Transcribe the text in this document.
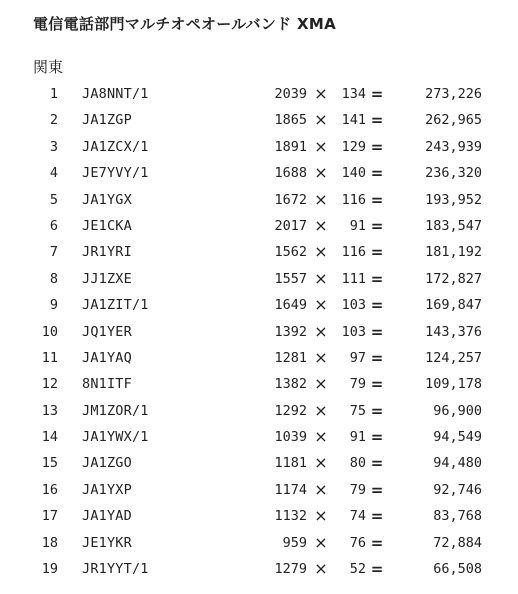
電信電話部門マルチオペオールバンド XMA
関東
1 JA8NNT/1	2039 ×	134 =	273,226
2 JA1ZGP	1865 ×	141 =	262,965
3 JA1ZCX/1	1891 ×	129 =	243,939
4 JE7YVY/1	1688 ×	140 =	236,320
5 JA1YGX	1672 ×	116 =	193,952
6 JE1CKA	2017 ×	91 =	183,547
7 JR1YRI	1562 ×	116 =	181,192
8 JJ1ZXE	1557 ×	111 =	172,827
9 JA1ZIT/1	1649 ×	103 =	169,847
10 JQ1YER	1392 ×	103 =	143,376
11 JA1YAQ	1281 ×	97 =	124,257
12 8N1ITF	1382 ×	79 =	109,178
13 JM1ZOR/1	1292 ×	75 =	96,900
14 JA1YWX/1	1039 ×	91 =	94,549
15 JA1ZGO	1181 ×	80 =	94,480
16 JA1YXP	1174 ×	79 =	92,746
17 JA1YAD	1132 ×	74 =	83,768
18 JE1YKR	959 ×	76 =	72,884
19 JR1YYT/1	1279 ×	52 =	66,508
